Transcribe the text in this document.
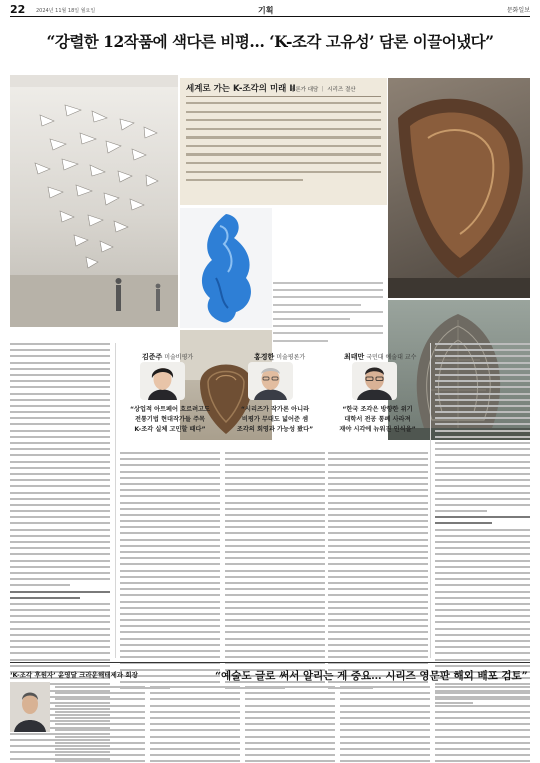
22 2024년 11월 18일 월요일	기획	문화일보
“강렬한 12작품에 색다른 비평… ‘K-조각 고유성’ 담론 이끌어냈다”
세계로 가는 K-조각의 미래 II
평론가 대담 ｜ 시리즈 결산
김준주 미술비평가

“상업적 아트페어 흐르려고도

전통기법 현대작가들 주목

K-조각 실체 고민할 때다”

홍경한 미술평론가

“시리즈가 작가론 아니라

비평가 무대도 넓어준 셈

조각의 회영과 가능성 봤다”

최태만 국민대 예술대 교수

“한국 조각은 방향한 위기

대학서 전공 통폐 사라져

재야 시각에 뉴워진 인식을”

‘K-조각 후원자’ 윤영달 크라운해태제과 회장	“예술도 글로 써서 알리는 게 중요… 시리즈 영문판 해외 배포 검토”
